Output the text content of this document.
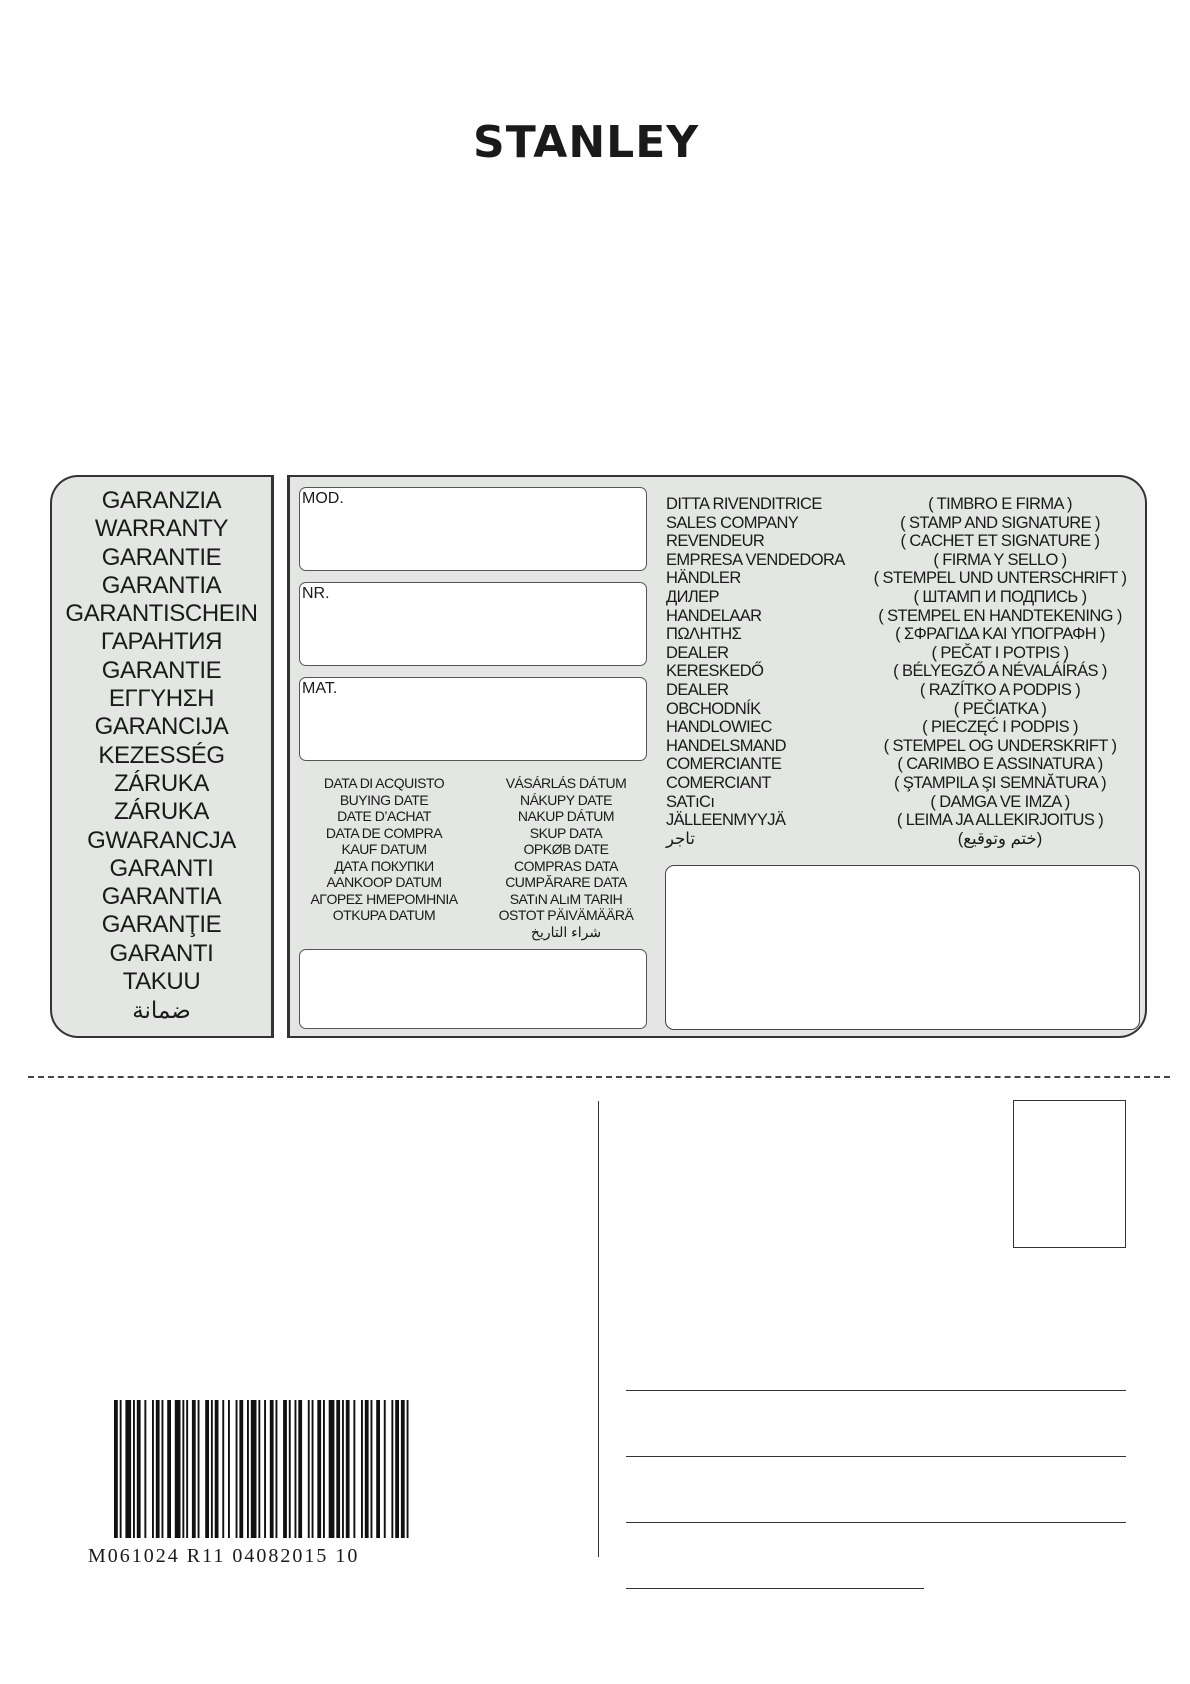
STANLEY
GARANZIA
WARRANTY
GARANTIE
GARANTIA
GARANTISCHEIN
ГАРАНТИЯ
GARANTIE
ΕΓΓΥΗΣΗ
GARANCIJA
KEZESSÉG
ZÁRUKA
ZÁRUKA
GWARANCJA
GARANTI
GARANTIA
GARANŢIE
GARANTI
TAKUU
ضمانة
MOD.
NR.
MAT.
DATA DI ACQUISTO
BUYING DATE
DATE D’ACHAT
DATA DE COMPRA
KAUF DATUM
ДАТА ПОКУПКИ
AANKOOP DATUM
ΑΓΟΡΕΣ ΗΜΕΡΟΜΗΝΙΑ
OTKUPA DATUM
VÁSÁRLÁS DÁTUM
NÁKUPY DATE
NAKUP DÁTUM
SKUP DATA
OPKØB DATE
COMPRAS DATA
CUMPĂRARE DATA
SATıN ALıM TARIH
OSTOT PÄIVÄMÄÄRÄ
شراء التاريخ
DITTA RIVENDITRICE
SALES COMPANY
REVENDEUR
EMPRESA VENDEDORA
HÄNDLER
ДИЛЕР
HANDELAAR
ΠΩΛΗΤΗΣ
DEALER
KERESKEDŐ
DEALER
OBCHODNÍK
HANDLOWIEC
HANDELSMAND
COMERCIANTE
COMERCIANT
SATıCı
JÄLLEENMYYJÄ
تاجر
( TIMBRO E FIRMA )
( STAMP AND SIGNATURE )
( CACHET ET SIGNATURE )
( FIRMA Y SELLO )
( STEMPEL UND UNTERSCHRIFT )
( ШТАМП И ПОДПИСЬ )
( STEMPEL EN HANDTEKENING )
( ΣΦΡΑΓΙΔΑ ΚΑΙ ΥΠΟΓΡΑΦΗ )
( PEČAT I POTPIS )
( BÉLYEGZŐ A NÉVALÁÍRÁS )
( RAZÍTKO A PODPIS )
( PEČIATKA )
( PIECZĘĆ I PODPIS )
( STEMPEL OG UNDERSKRIFT )
( CARIMBO E ASSINATURA )
( ŞTAMPILA ŞI SEMNĂTURA )
( DAMGA VE IMZA )
( LEIMA JA ALLEKIRJOITUS )
(ختم وتوقيع)
M061024 R11 04082015 10
